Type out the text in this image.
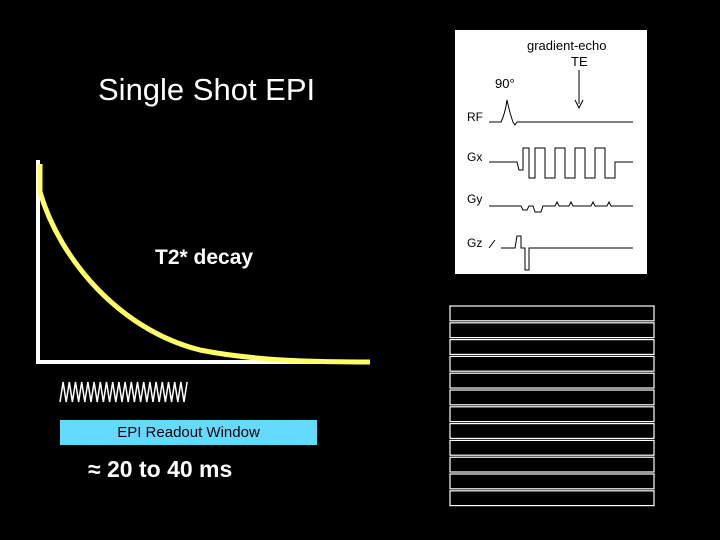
Single Shot EPI
T2* decay
EPI Readout Window
≈ 20 to 40 ms
gradient-echo
TE
90°
RF
Gx
Gy
Gz
